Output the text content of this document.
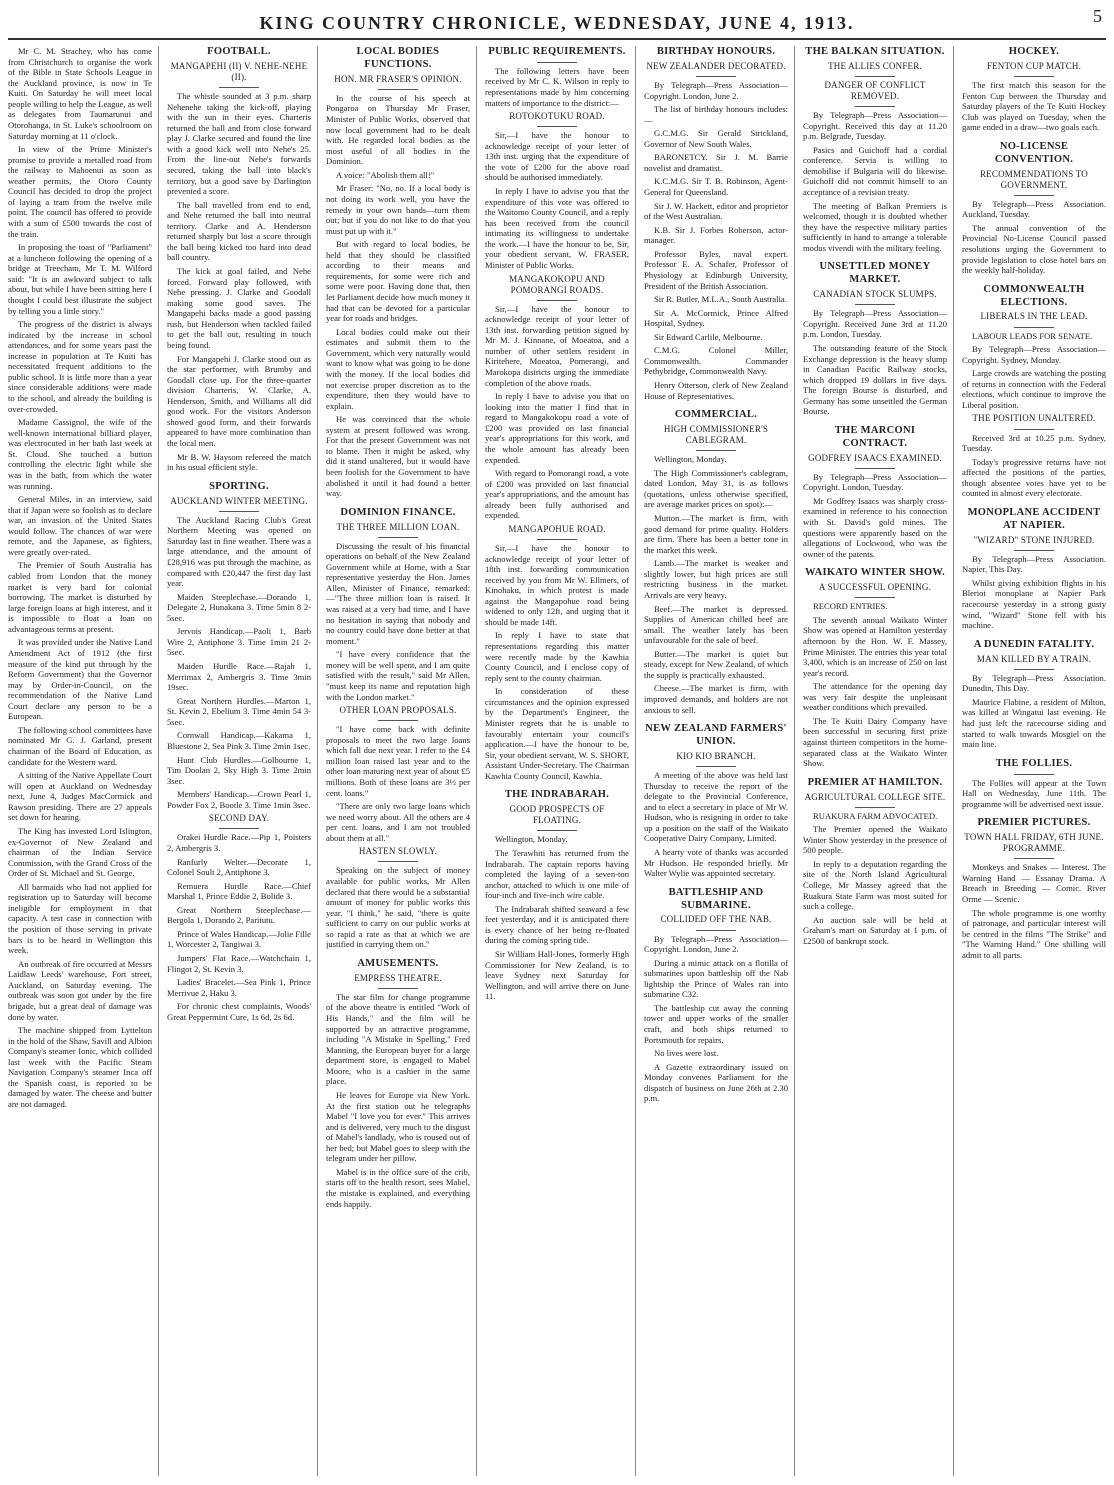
KING COUNTRY CHRONICLE, WEDNESDAY, JUNE 4, 1913.	5

Mr C. M. Strachey, who has come from Christchurch to organise the work of the Bible in State Schools League in the Auckland province, is now in Te Kuiti. On Saturday he will meet local people willing to help the League, as well as delegates from Taumarunui and Otorohanga, in St. Luke's schoolroom on Saturday morning at 11 o'clock.

In view of the Prime Minister's promise to provide a metalled road from the railway to Mahoenui as soon as weather permits, the Otoro County Council has decided to drop the project of laying a tram from the twelve mile point. The council has offered to provide with a sum of £500 towards the cost of the train.

In proposing the toast of "Parliament" at a luncheon following the opening of a bridge at Treecham, Mr T. M. Wilford said: "It is an awkward subject to talk about, but while I have been sitting here I thought I could best illustrate the subject by telling you a little story."

The progress of the district is always indicated by the increase in school attendances, and for some years past the increase in population at Te Kuiti has necessitated frequent additions to the public school. It is little more than a year since considerable additions were made to the school, and already the building is over-crowded.

Madame Cassignol, the wife of the well-known international billiard player, was electrocuted in her bath last week at St. Cloud. She touched a button controlling the electric light while she was in the bath, from which the water was running.

General Miles, in an interview, said that if Japan were so foolish as to declare war, an invasion of the United States would follow. The chances of war were remote, and the Japanese, as fighters, were greatly over-rated.

The Premier of South Australia has cabled from London that the money market is very hard for colonial borrowing. The market is disturbed by large foreign loans at high interest, and it is impossible to float a loan on advantageous terms at present.

It was provided under the Native Land Amendment Act of 1912 (the first measure of the kind put through by the Reform Government) that the Governor may by Order-in-Council, on the recommendation of the Native Land Court declare any person to be a European.

The following school committees have nominated Mr G. J. Garland, present chairman of the Board of Education, as candidate for the Western ward.

A sitting of the Native Appellate Court will open at Auckland on Wednesday next, June 4, Judges MacCormick and Rawson presiding. There are 27 appeals set down for hearing.

The King has invested Lord Islington, ex-Governor of New Zealand and chairman of the Indian Service Commission, with the Grand Cross of the Order of St. Michael and St. George.

All barmaids who had not applied for registration up to Saturday will become ineligible for employment in that capacity. A test case in connection with the position of those serving in private bars is to be heard in Wellington this week.

An outbreak of fire occurred at Messrs Laidlaw Leeds' warehouse, Fort street, Auckland, on Saturday evening. The outbreak was soon got under by the fire brigade, but a great deal of damage was done by water.

The machine shipped from Lyttelton in the hold of the Shaw, Savill and Albion Company's steamer Ionic, which collided last week with the Pacific Steam Navigation Company's steamer Inca off the Spanish coast, is reported to be damaged by water. The cheese and butter are not damaged.

FOOTBALL.
MANGAPEHI (II) V. NEHE-NEHE (II).

The whistle sounded at 3 p.m. sharp Nehenehe taking the kick-off, playing with the sun in their eyes. Charteris returned the ball and from close forward play J. Clarke secured and found the line with a good kick well into Nehe's 25. From the line-out Nehe's forwards secured, taking the ball into black's territory, but a good save by Darlington prevented a score.

The ball travelled from end to end, and Nehe returned the ball into neutral territory. Clarke and A. Henderson returned sharply but lost a score through the ball being kicked too hard into dead ball country.

The kick at goal failed, and Nehe forced. Forward play followed, with Nehe pressing. J. Clarke and Goodall making some good saves. The Mangapehi backs made a good passing rush, but Henderson when tackled failed to get the ball out, resulting in touch being found.

For Mangapehi J. Clarke stood out as the star performer, with Brumby and Goodall close up. For the three-quarter division Charteris, W. Clarke, A. Henderson, Smith, and Williams all did good work. For the visitors Anderson showed good form, and their forwards appeared to have more combination than the local men.

Mr B. W. Haysom refereed the match in his usual efficient style.

SPORTING.
AUCKLAND WINTER MEETING.

The Auckland Racing Club's Great Northern Meeting was opened on Saturday last in fine weather. There was a large attendance, and the amount of £28,916 was put through the machine, as compared with £20,447 the first day last year.

Maiden Steeplechase.—Dorando 1, Delegate 2, Hunakana 3. Time 5min 8 2-5sec.

Jervois Handicap.—Paoli 1, Barb Wire 2, Antiphone 3. Time 1min 21 2-5sec.

Maiden Hurdle Race.—Rajah 1, Merrimax 2, Ambergris 3. Time 3min 19sec.

Great Northern Hurdles.—Marton 1, St. Kevin 2, Ebelium 3. Time 4min 54 3-5sec.

Cornwall Handicap.—Kakama 1, Bluestone 2, Sea Pink 3. Time 2min 1sec.

Hunt Club Hurdles.—Golbourne 1, Tim Doolan 2, Sky High 3. Time 2min 3sec.

Members' Handicap.—Crown Pearl 1, Powder Fox 2, Bootle 3. Time 1min 3sec.

SECOND DAY.

Orakei Hurdle Race.—Pip 1, Poisters 2, Ambergris 3.

Ranfurly Welter.—Decorate 1, Colonel Soult 2, Antiphone 3.

Remuera Hurdle Race.—Chief Marshal 1, Prince Eddie 2, Bolide 3.

Great Northern Steeplechase.—Bergola 1, Dorando 2, Paritutu.

Prince of Wales Handicap.—Jolie Fille 1, Worcester 2, Tangiwai 3.

Jumpers' Flat Race.—Watchchain 1, Flingot 2, St. Kevin 3.

Ladies' Bracelet.—Sea Pink 1, Prince Merrivue 2, Haku 3.

For chronic chest complaints, Woods' Great Peppermint Cure, 1s 6d, 2s 6d.

LOCAL BODIES FUNCTIONS.
HON. MR FRASER'S OPINION.

In the course of his speech at Pongaroa on Thursday Mr Fraser, Minister of Public Works, observed that now local government had to be dealt with. He regarded local bodies as the most useful of all bodies in the Dominion.

A voice: "Abolish them all!"

Mr Fraser: "No, no. If a local body is not doing its work well, you have the remedy in your own hands—turn them out; but if you do not like to do that you must put up with it."

But with regard to local bodies, he held that they should be classified according to their means and requirements, for some were rich and some were poor. Having done that, then let Parliament decide how much money it had that can be devoted for a particular year for roads and bridges.

Local bodies could make out their estimates and submit them to the Government, which very naturally would want to know what was going to be done with the money. If the local bodies did not exercise proper discretion as to the expenditure, then they would have to explain.

He was convinced that the whole system at present followed was wrong. For that the present Government was not to blame. Then it might be asked, why did it stand unaltered, but it would have been foolish for the Government to have abolished it until it had found a better way.

DOMINION FINANCE.
THE THREE MILLION LOAN.

Discussing the result of his financial operations on behalf of the New Zealand Government while at Home, with a Star representative yesterday the Hon. James Allen, Minister of Finance, remarked:—"The three million loan is raised. It was raised at a very bad time, and I have no hesitation in saying that nobody and no country could have done better at that moment."

"I have every confidence that the money will be well spent, and I am quite satisfied with the result," said Mr Allen, "must keep its name and reputation high with the London market."

OTHER LOAN PROPOSALS.

"I have come back with definite proposals to meet the two large loans which fall due next year. I refer to the £4 million loan raised last year and to the other loan maturing next year of about £5 millions. Both of these loans are 3½ per cent. loans."

"There are only two large loans which we need worry about. All the others are 4 per cent. loans, and I am not troubled about them at all."

HASTEN SLOWLY.

Speaking on the subject of money available for public works, Mr Allen declared that there would be a substantial amount of money for public works this year. "I think," he said, "there is quite sufficient to carry on our public works at so rapid a rate as that at which we are justified in carrying them on."

AMUSEMENTS.
EMPRESS THEATRE.

The star film for change programme of the above theatre is entitled "Work of His Hands," and the film will be supported by an attractive programme, including "A Mistake in Spelling," Fred Manning, the European buyer for a large department store, is engaged to Mabel Moore, who is a cashier in the same place.

He leaves for Europe via New York. At the first station out he telegraphs Mabel "I love you for ever." This arrives and is delivered, very much to the disgust of Mabel's landlady, who is roused out of her bed; but Mabel goes to sleep with the telegram under her pillow.

Mabel is in the office sure of the crib, starts off to the health resort, sees Mabel, the mistake is explained, and everything ends happily.

PUBLIC REQUIREMENTS.

The following letters have been received by Mr C. K. Wilson in reply to representations made by him concerning matters of importance to the district:—

ROTOKOTUKU ROAD.

Sir,—I have the honour to acknowledge receipt of your letter of 13th inst. urging that the expenditure of the vote of £200 for the above road should be authorised immediately.

In reply I have to advise you that the expenditure of this vote was offered to the Waitomo County Council, and a reply has been received from the council intimating its willingness to undertake the work.—I have the honour to be, Sir, your obedient servant, W. FRASER, Minister of Public Works.

MANGAKOKOPU AND POMORANGI ROADS.

Sir,—I have the honour to acknowledge receipt of your letter of 13th inst. forwarding petition signed by Mr M. J. Kinnane, of Moeatoa, and a number of other settlers resident in Kiritehere, Moeatoa, Pomerangi, and Marokopa districts urging the immediate completion of the above roads.

In reply I have to advise you that on looking into the matter I find that in regard to Mangakokopu road a vote of £200 was provided on last financial year's appropriations for this work, and the whole amount has already been expended.

With regard to Pomorangi road, a vote of £200 was provided on last financial year's appropriations, and the amount has already been fully authorised and expended.

MANGAPOHUE ROAD.

Sir,—I have the honour to acknowledge receipt of your letter of 18th inst. forwarding communication received by you from Mr W. Ellmers, of Kinohaku, in which protest is made against the Mangapohue road being widened to only 12ft, and urging that it should be made 14ft.

In reply I have to state that representations regarding this matter were recently made by the Kawhia County Council, and I enclose copy of reply sent to the county chairman.

In consideration of these circumstances and the opinion expressed by the Department's Engineer, the Minister regrets that he is unable to favourably entertain your council's application.—I have the honour to be, Sir, your obedient servant, W. S. SHORT, Assistant Under-Secretary. The Chairman Kawhia County Council, Kawhia.

THE INDRABARAH.
GOOD PROSPECTS OF FLOATING.

Wellington, Monday.

The Terawhiti has returned from the Indrabarah. The captain reports having completed the laying of a seven-ton anchor, attached to which is one mile of four-inch and five-inch wire cable.

The Indrabarah shifted seaward a few feet yesterday, and it is anticipated there is every chance of her being re-floated during the coming spring tide.

Sir William Hall-Jones, formerly High Commissioner for New Zealand, is to leave Sydney next Saturday for Wellington, and will arrive there on June 11.

BIRTHDAY HONOURS.
NEW ZEALANDER DECORATED.

By Telegraph—Press Association—Copyright. London, June 2.

The list of birthday honours includes:—

G.C.M.G. Sir Gerald Strickland, Governor of New South Wales.

BARONETCY. Sir J. M. Barrie novelist and dramatist.

K.C.M.G. Sir T. B. Robinson, Agent-General for Queensland.

Sir J. W. Hackett, editor and proprietor of the West Australian.

K.B. Sir J. Forbes Roberson, actor-manager.

Professor Byles, naval expert. Professor E. A. Schafer, Professor of Physiology at Edinburgh University, President of the British Association.

Sir R. Butler, M.L.A., South Australia.

Sir A. McCormick, Prince Alfred Hospital, Sydney.

Sir Edward Carlile, Melbourne.

C.M.G. Colonel Miller, Commonwealth. Commander Pethybridge, Commonwealth Navy.

Henry Otterson, clerk of New Zealand House of Representatives.

COMMERCIAL.
HIGH COMMISSIONER'S CABLEGRAM.

Wellington, Monday.

The High Commissioner's cablegram, dated London, May 31, is as follows (quotations, unless otherwise specified, are average market prices on spot):—

Mutton.—The market is firm, with good demand for prime quality. Holders are firm. There has been a better tone in the market this week.

Lamb.—The market is weaker and slightly lower, but high prices are still restricting business in the market. Arrivals are very heavy.

Beef.—The market is depressed. Supplies of American chilled beef are small. The weather lately has been unfavourable for the sale of beef.

Butter.—The market is quiet but steady, except for New Zealand, of which the supply is practically exhausted.

Cheese.—The market is firm, with improved demands, and holders are not anxious to sell.

NEW ZEALAND FARMERS' UNION.
KIO KIO BRANCH.

A meeting of the above was held last Thursday to receive the report of the delegate to the Provincial Conference, and to elect a secretary in place of Mr W. Hudson, who is resigning in order to take up a position on the staff of the Waikato Cooperative Dairy Company, Limited.

A hearty vote of thanks was accorded Mr Hudson. He responded briefly. Mr Walter Wylie was appointed secretary.

BATTLESHIP AND SUBMARINE.
COLLIDED OFF THE NAB.

By Telegraph—Press Association—Copyright. London, June 2.

During a mimic attack on a flotilla of submarines upon battleship off the Nab lightship the Prince of Wales ran into submarine C32.

The battleship cut away the conning tower and upper works of the smaller craft, and both ships returned to Portsmouth for repairs.

No lives were lost.

A Gazette extraordinary issued on Monday convenes Parliament for the dispatch of business on June 26th at 2.30 p.m.

THE BALKAN SITUATION.
THE ALLIES CONFER.
DANGER OF CONFLICT REMOVED.

By Telegraph—Press Association—Copyright. Received this day at 11.20 p.m. Belgrade, Tuesday.

Pasics and Guichoff had a cordial conference. Servia is willing to demobilise if Bulgaria will do likewise. Guichoff did not commit himself to an acceptance of a revision treaty.

The meeting of Balkan Premiers is welcomed, though it is doubted whether they have the respective military parties sufficiently in hand to arrange a tolerable modus vivendi with the military feeling.

UNSETTLED MONEY MARKET.
CANADIAN STOCK SLUMPS.

By Telegraph—Press Association—Copyright. Received June 3rd at 11.20 p.m. London, Tuesday.

The outstanding feature of the Stock Exchange depression is the heavy slump in Canadian Pacific Railway stocks, which dropped 19 dollars in five days. The foreign Bourse is disturbed, and Germany has some unsettled the German Bourse.

THE MARCONI CONTRACT.
GODFREY ISAACS EXAMINED.

By Telegraph—Press Association—Copyright. London, Tuesday.

Mr Godfrey Isaacs was sharply cross-examined in reference to his connection with St. David's gold mines. The questions were apparently based on the allegations of Lockwood, who was the owner of the patents.

WAIKATO WINTER SHOW.
A SUCCESSFUL OPENING.

RECORD ENTRIES.

The seventh annual Waikato Winter Show was opened at Hamilton yesterday afternoon by the Hon. W. F. Massey, Prime Minister. The entries this year total 3,400, which is an increase of 250 on last year's record.

The attendance for the opening day was very fair despite the unpleasant weather conditions which prevailed.

The Te Kuiti Dairy Company have been successful in securing first prize against thirteen competitors in the home-separated class at the Waikato Winter Show.

PREMIER AT HAMILTON.
AGRICULTURAL COLLEGE SITE.

RUAKURA FARM ADVOCATED.

The Premier opened the Waikato Winter Show yesterday in the presence of 500 people.

In reply to a deputation regarding the site of the North Island Agricultural College, Mr Massey agreed that the Ruakura State Farm was most suited for such a college.

An auction sale will be held at Graham's mart on Saturday at 1 p.m. of £2500 of bankrupt stock.

HOCKEY.
FENTON CUP MATCH.

The first match this season for the Fenton Cup between the Thursday and Saturday players of the Te Kuiti Hockey Club was played on Tuesday, when the game ended in a draw—two goals each.

NO-LICENSE CONVENTION.
RECOMMENDATIONS TO GOVERNMENT.

By Telegraph—Press Association. Auckland, Tuesday.

The annual convention of the Provincial No-License Council passed resolutions urging the Government to provide legislation to close hotel bars on the weekly half-holiday.

COMMONWEALTH ELECTIONS.
LIBERALS IN THE LEAD.

LABOUR LEADS FOR SENATE.

By Telegraph—Press Association—Copyright. Sydney, Monday.

Large crowds are watching the posting of returns in connection with the Federal elections, which continue to improve the Liberal position.

THE POSITION UNALTERED.

Received 3rd at 10.25 p.m. Sydney, Tuesday.

Today's progressive returns have not affected the positions of the parties, though absentee votes have yet to be counted in almost every electorate.

MONOPLANE ACCIDENT AT NAPIER.
"WIZARD" STONE INJURED.

By Telegraph—Press Association. Napier, This Day.

Whilst giving exhibition flights in his Bleriot monoplane at Napier Park racecourse yesterday in a strong gusty wind, "Wizard" Stone fell with his machine.

A DUNEDIN FATALITY.
MAN KILLED BY A TRAIN.

By Telegraph—Press Association. Dunedin, This Day.

Maurice Flabine, a resident of Milton, was killed at Wingatui last evening. He had just left the racecourse siding and started to walk towards Mosgiel on the main line.

THE FOLLIES.

The Follies will appear at the Town Hall on Wednesday, June 11th. The programme will be advertised next issue.

PREMIER PICTURES.
TOWN HALL FRIDAY, 6TH JUNE. PROGRAMME.

Monkeys and Snakes — Interest. The Warning Hand — Essanay Drama. A Breach in Breeding — Comic. River Orme — Scenic.

The whole programme is one worthy of patronage, and particular interest will be centred in the films "The Strike" and "The Warning Hand." One shilling will admit to all parts.
